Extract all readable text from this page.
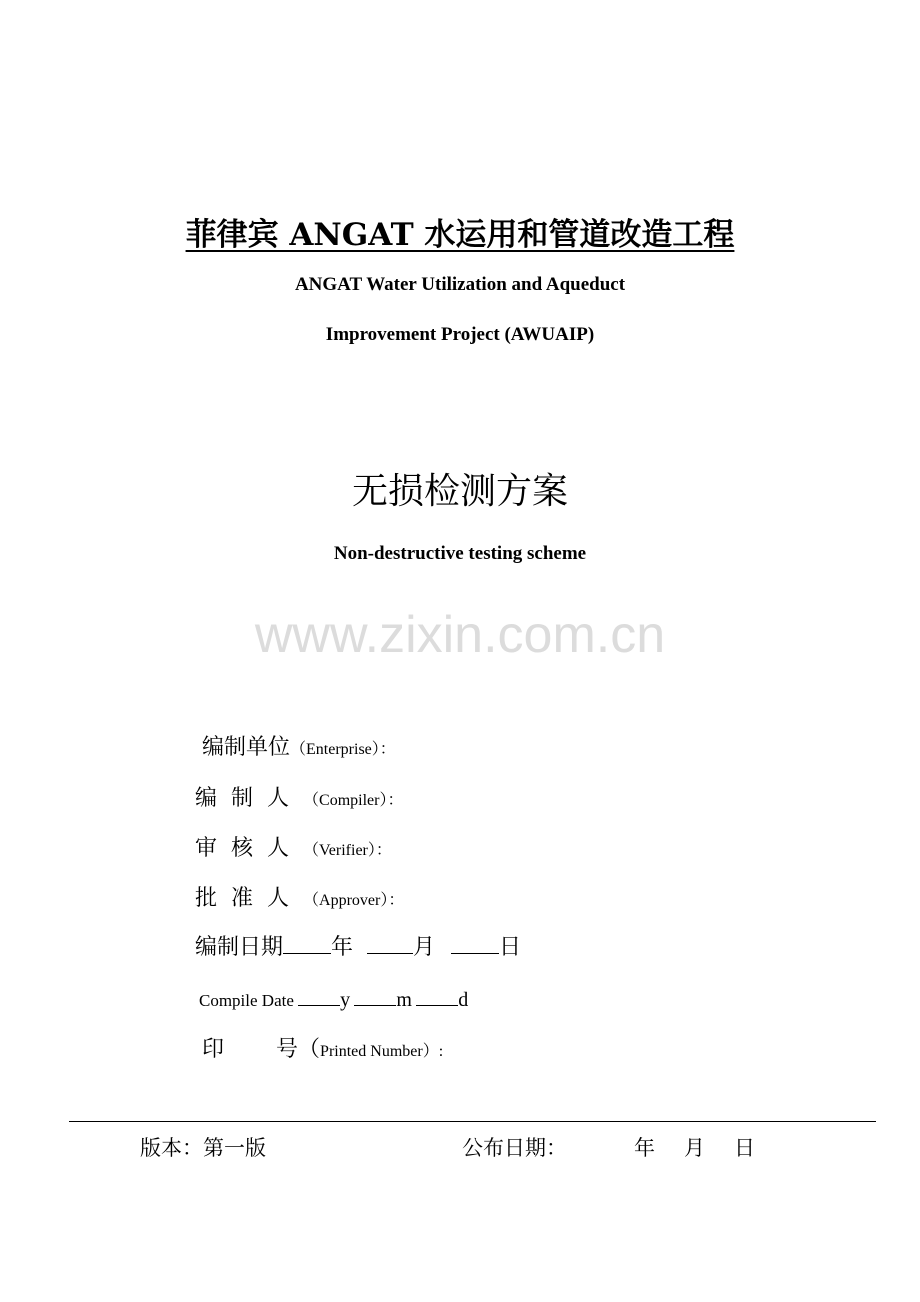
菲律宾 ANGAT 水运用和管道改造工程
ANGAT Water Utilization and Aqueduct
Improvement Project (AWUAIP)
无损检测方案
Non-destructive testing scheme
www.zixin.com.cn
编制单位（Enterprise）：
编制人（Compiler）：
审核人（Verifier）：
批准人（Approver）：
编制日期 年	月	日
Compile Date y m d
印 号（Printed Number）:
版本：第一版	公布日期：	年 月 日
